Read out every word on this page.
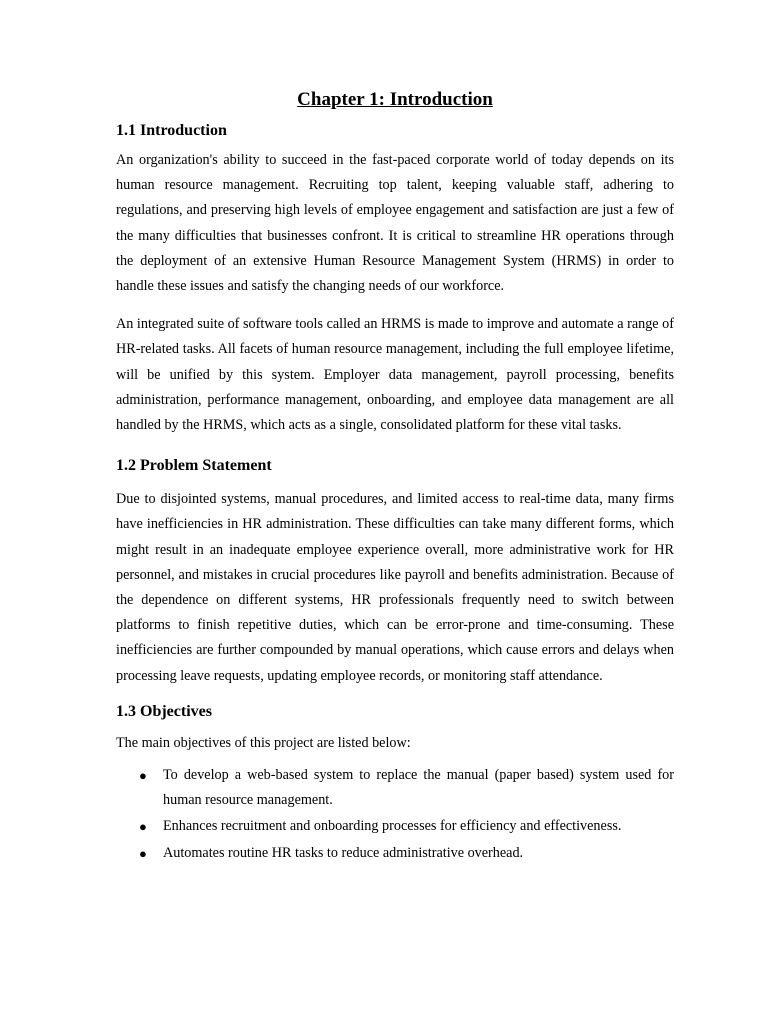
Chapter 1: Introduction
1.1 Introduction

An organization's ability to succeed in the fast-paced corporate world of today depends on its human resource management. Recruiting top talent, keeping valuable staff, adhering to regulations, and preserving high levels of employee engagement and satisfaction are just a few of the many difficulties that businesses confront. It is critical to streamline HR operations through the deployment of an extensive Human Resource Management System (HRMS) in order to handle these issues and satisfy the changing needs of our workforce.

An integrated suite of software tools called an HRMS is made to improve and automate a range of HR-related tasks. All facets of human resource management, including the full employee lifetime, will be unified by this system. Employer data management, payroll processing, benefits administration, performance management, onboarding, and employee data management are all handled by the HRMS, which acts as a single, consolidated platform for these vital tasks.

1.2 Problem Statement

Due to disjointed systems, manual procedures, and limited access to real-time data, many firms have inefficiencies in HR administration. These difficulties can take many different forms, which might result in an inadequate employee experience overall, more administrative work for HR personnel, and mistakes in crucial procedures like payroll and benefits administration. Because of the dependence on different systems, HR professionals frequently need to switch between platforms to finish repetitive duties, which can be error-prone and time-consuming. These inefficiencies are further compounded by manual operations, which cause errors and delays when processing leave requests, updating employee records, or monitoring staff attendance.

1.3 Objectives

The main objectives of this project are listed below:

● To develop a web-based system to replace the manual (paper based) system used for human resource management.
● Enhances recruitment and onboarding processes for efficiency and effectiveness.
● Automates routine HR tasks to reduce administrative overhead.
